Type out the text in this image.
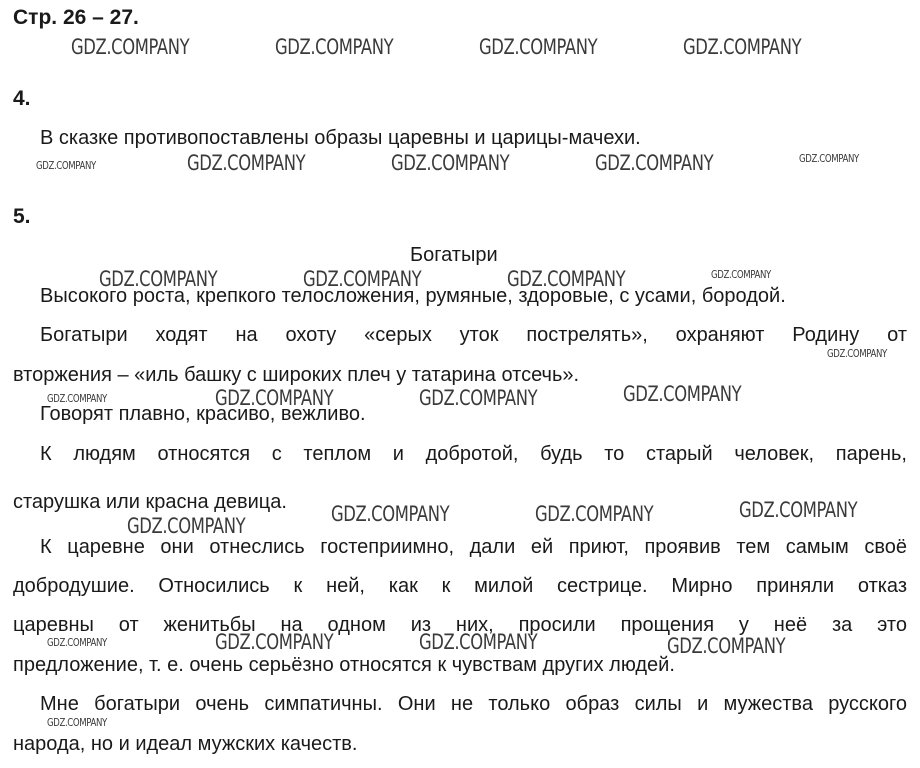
Стр. 26 – 27.
4.
В сказке противопоставлены образы царевны и царицы-мачехи.
5.
Богатыри
Высокого роста, крепкого телосложения, румяные, здоровые, с усами, бородой.
Богатыри ходят на охоту «серых уток пострелять», охраняют Родину от
вторжения – «иль башку с широких плеч у татарина отсечь».
Говорят плавно, красиво, вежливо.
К людям относятся с теплом и добротой, будь то старый человек, парень,
старушка или красна девица.
К царевне они отнеслись гостеприимно, дали ей приют, проявив тем самым своё
добродушие. Относились к ней, как к милой сестрице. Мирно приняли отказ
царевны от женитьбы на одном из них, просили прощения у неё за это
предложение, т. е. очень серьёзно относятся к чувствам других людей.
Мне богатыри очень симпатичны. Они не только образ силы и мужества русского
народа, но и идеал мужских качеств.
GDZ.COMPANY	GDZ.COMPANY	GDZ.COMPANY	GDZ.COMPANY
GDZ.COMPANY	GDZ.COMPANY	GDZ.COMPANY	GDZ.COMPANY	GDZ.COMPANY
GDZ.COMPANY	GDZ.COMPANY	GDZ.COMPANY	GDZ.COMPANY
GDZ.COMPANY
GDZ.COMPANY	GDZ.COMPANY	GDZ.COMPANY	GDZ.COMPANY
GDZ.COMPANY	GDZ.COMPANY	GDZ.COMPANY	GDZ.COMPANY
GDZ.COMPANY	GDZ.COMPANY	GDZ.COMPANY	GDZ.COMPANY
GDZ.COMPANY
